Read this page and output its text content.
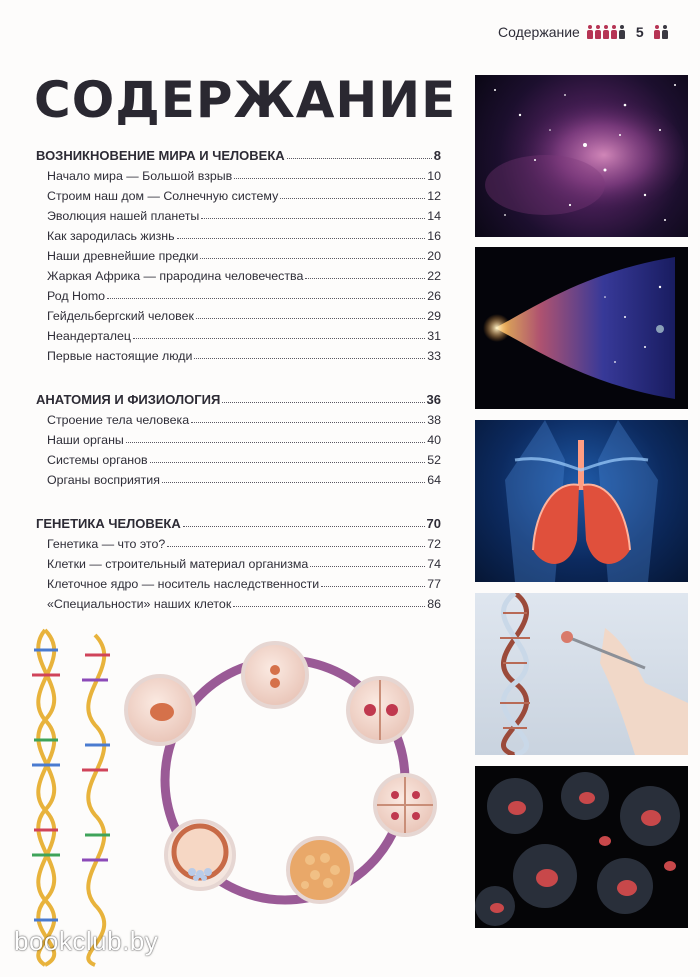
Содержание	5
СОДЕРЖАНИЕ
ВОЗНИКНОВЕНИЕ МИРА И ЧЕЛОВЕКА	8
Начало мира — Большой взрыв	10
Строим наш дом — Солнечную систему	12
Эволюция нашей планеты	14
Как зародилась жизнь	16
Наши древнейшие предки	20
Жаркая Африка — прародина человечества	22
Род Homo	26
Гейдельбергский человек	29
Неандерталец	31
Первые настоящие люди	33
АНАТОМИЯ И ФИЗИОЛОГИЯ	36
Строение тела человека	38
Наши органы	40
Системы органов	52
Органы восприятия	64
ГЕНЕТИКА ЧЕЛОВЕКА	70
Генетика — что это?	72
Клетки — строительный материал организма	74
Клеточное ядро — носитель наследственности	77
«Специальности» наших клеток	86
bookclub.by
